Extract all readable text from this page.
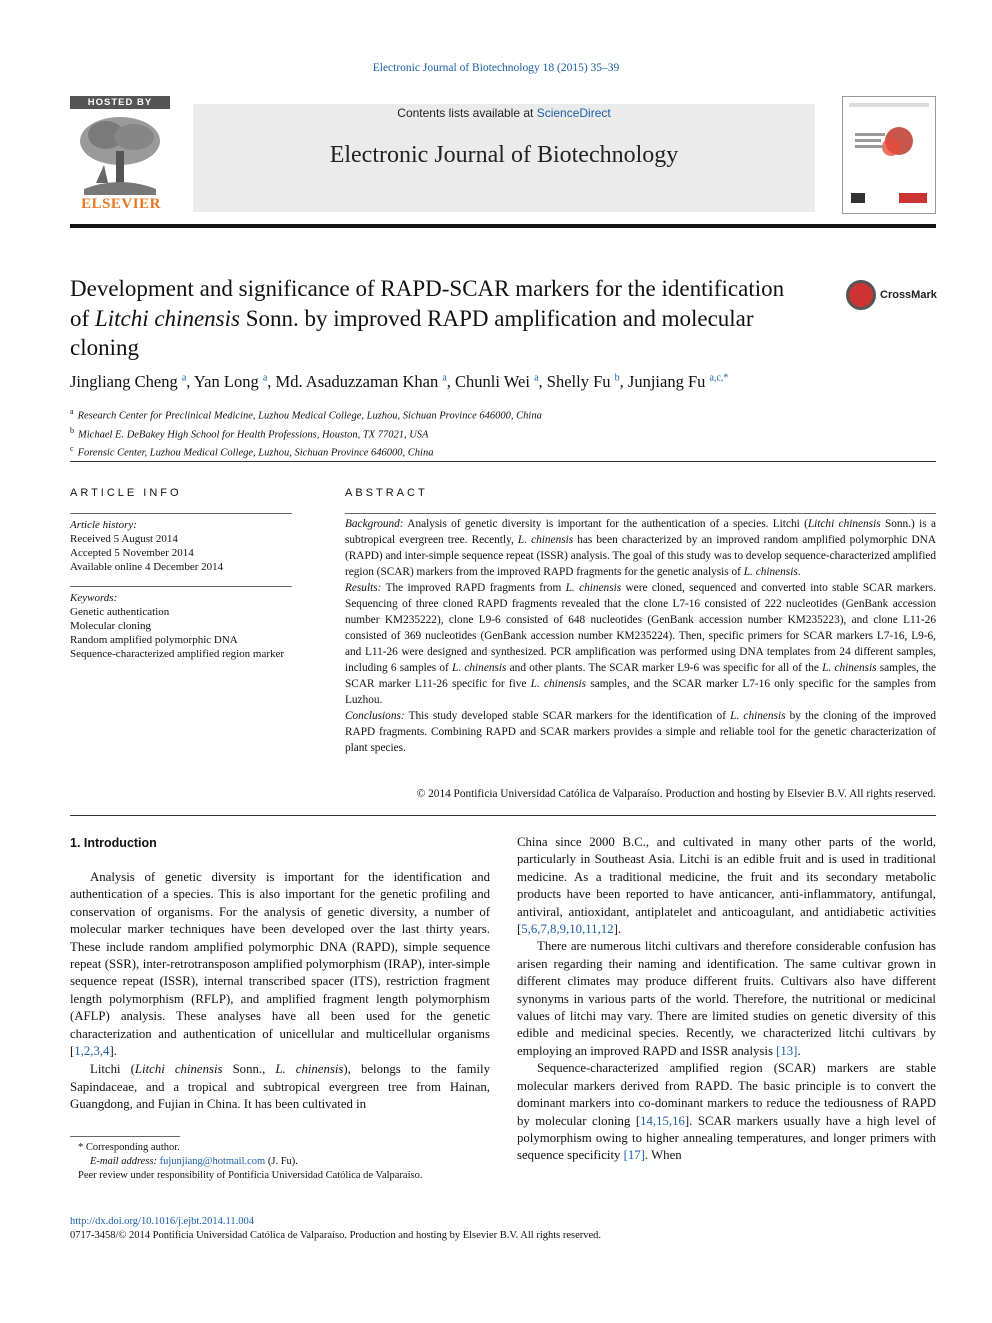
Electronic Journal of Biotechnology 18 (2015) 35–39
HOSTED BY
ELSEVIER
Contents lists available at ScienceDirect
Electronic Journal of Biotechnology
Development and significance of RAPD-SCAR markers for the identification of Litchi chinensis Sonn. by improved RAPD amplification and molecular cloning
CrossMark
Jingliang Cheng $^a$, Yan Long $^a$, Md. Asaduzzaman Khan $^a$, Chunli Wei $^a$, Shelly Fu $^b$, Junjiang Fu $^{a,c,*}$
$^a$ Research Center for Preclinical Medicine, Luzhou Medical College, Luzhou, Sichuan Province 646000, China
$^b$ Michael E. DeBakey High School for Health Professions, Houston, TX 77021, USA
$^c$ Forensic Center, Luzhou Medical College, Luzhou, Sichuan Province 646000, China
ARTICLE INFO
Article history:
Received 5 August 2014
Accepted 5 November 2014
Available online 4 December 2014
Keywords:
Genetic authentication
Molecular cloning
Random amplified polymorphic DNA
Sequence-characterized amplified region marker
ABSTRACT
Background: Analysis of genetic diversity is important for the authentication of a species. Litchi (Litchi chinensis Sonn.) is a subtropical evergreen tree. Recently, L. chinensis has been characterized by an improved random amplified polymorphic DNA (RAPD) and inter-simple sequence repeat (ISSR) analysis. The goal of this study was to develop sequence-characterized amplified region (SCAR) markers from the improved RAPD fragments for the genetic analysis of L. chinensis.
Results: The improved RAPD fragments from L. chinensis were cloned, sequenced and converted into stable SCAR markers. Sequencing of three cloned RAPD fragments revealed that the clone L7-16 consisted of 222 nucleotides (GenBank accession number KM235222), clone L9-6 consisted of 648 nucleotides (GenBank accession number KM235223), and clone L11-26 consisted of 369 nucleotides (GenBank accession number KM235224). Then, specific primers for SCAR markers L7-16, L9-6, and L11-26 were designed and synthesized. PCR amplification was performed using DNA templates from 24 different samples, including 6 samples of L. chinensis and other plants. The SCAR marker L9-6 was specific for all of the L. chinensis samples, the SCAR marker L11-26 specific for five L. chinensis samples, and the SCAR marker L7-16 only specific for the samples from Luzhou.
Conclusions: This study developed stable SCAR markers for the identification of L. chinensis by the cloning of the improved RAPD fragments. Combining RAPD and SCAR markers provides a simple and reliable tool for the genetic characterization of plant species.
© 2014 Pontificia Universidad Católica de Valparaíso. Production and hosting by Elsevier B.V. All rights reserved.
1. Introduction

Analysis of genetic diversity is important for the identification and authentication of a species. This is also important for the genetic profiling and conservation of organisms. For the analysis of genetic diversity, a number of molecular marker techniques have been developed over the last thirty years. These include random amplified polymorphic DNA (RAPD), simple sequence repeat (SSR), inter-retrotransposon amplified polymorphism (IRAP), inter-simple sequence repeat (ISSR), internal transcribed spacer (ITS), restriction fragment length polymorphism (RFLP), and amplified fragment length polymorphism (AFLP) analysis. These analyses have all been used for the genetic characterization and authentication of unicellular and multicellular organisms [1,2,3,4].

Litchi (Litchi chinensis Sonn., L. chinensis), belongs to the family Sapindaceae, and a tropical and subtropical evergreen tree from Hainan, Guangdong, and Fujian in China. It has been cultivated in

China since 2000 B.C., and cultivated in many other parts of the world, particularly in Southeast Asia. Litchi is an edible fruit and is used in traditional medicine. As a traditional medicine, the fruit and its secondary metabolic products have been reported to have anticancer, anti-inflammatory, antifungal, antiviral, antioxidant, antiplatelet and anticoagulant, and antidiabetic activities [5,6,7,8,9,10,11,12].

There are numerous litchi cultivars and therefore considerable confusion has arisen regarding their naming and identification. The same cultivar grown in different climates may produce different fruits. Cultivars also have different synonyms in various parts of the world. Therefore, the nutritional or medicinal values of litchi may vary. There are limited studies on genetic diversity of this edible and medicinal species. Recently, we characterized litchi cultivars by employing an improved RAPD and ISSR analysis [13].

Sequence-characterized amplified region (SCAR) markers are stable molecular markers derived from RAPD. The basic principle is to convert the dominant markers into co-dominant markers to reduce the tediousness of RAPD by molecular cloning [14,15,16]. SCAR markers usually have a high level of polymorphism owing to higher annealing temperatures, and longer primers with sequence specificity [17]. When

* Corresponding author.
E-mail address: fujunjiang@hotmail.com (J. Fu).
Peer review under responsibility of Pontificia Universidad Católica de Valparaíso.
http://dx.doi.org/10.1016/j.ejbt.2014.11.004
0717-3458/© 2014 Pontificia Universidad Católica de Valparaíso. Production and hosting by Elsevier B.V. All rights reserved.
